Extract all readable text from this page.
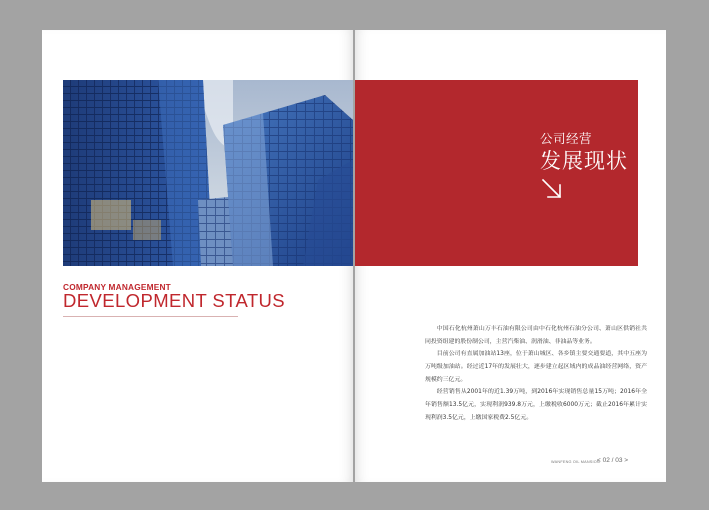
COMPANY MANAGEMENT
DEVELOPMENT STATUS
公司经营
发展现状

中国石化杭州萧山万丰石油有限公司由中石化杭州石油分公司、萧山区供销社共同投资组建的股份制公司，主营汽柴油、润滑油、非油品等业务。

目前公司有直属加油站13座，位于萧山城区、各乡镇主要交通要道，其中五座为万吨级加油站。经过近17年的发展壮大，逐步建立起区域内的成品油经营网络，资产规模约三亿元。

经营销售从2001年的近1.39万吨，到2016年实现销售总量15万吨；2016年全年销售额13.5亿元，实现利润939.8万元，上缴税收6000万元；截止2016年累计实现利润3.5亿元，上缴国家税费2.5亿元。

WANFENG OIL MANSION
< 02 / 03 >
